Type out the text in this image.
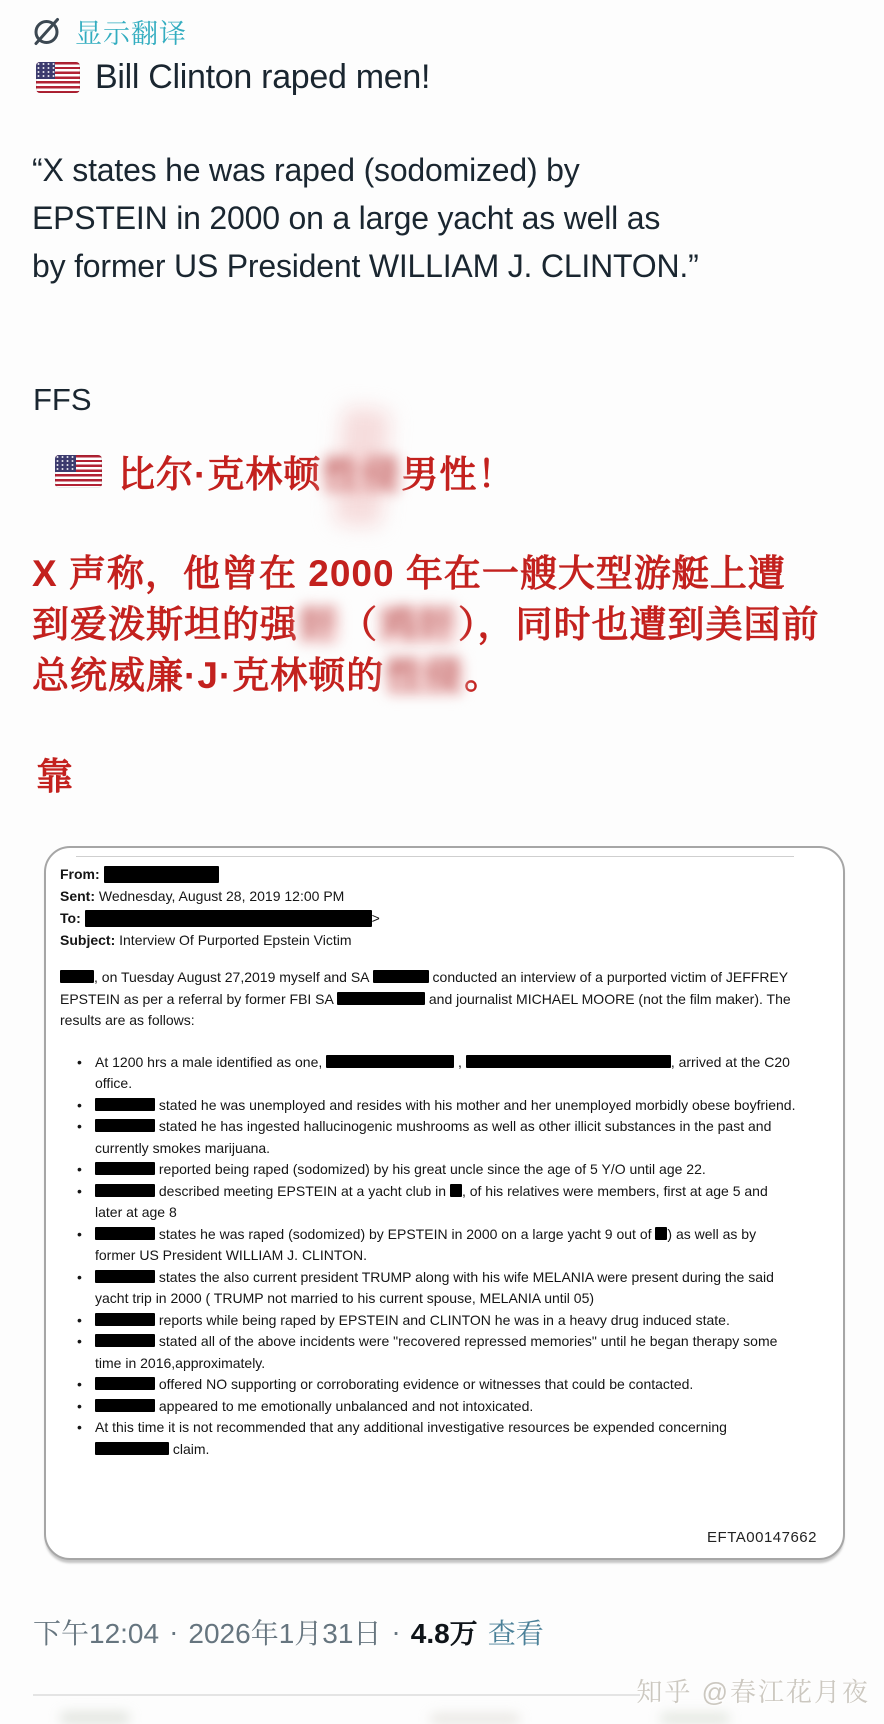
显示翻译
Bill Clinton raped men!
“X states he was raped (sodomized) by
EPSTEIN in 2000 on a large yacht as well as
by former US President WILLIAM J. CLINTON.”
FFS
比尔·克林顿性侵男性！
X 声称，他曾在 2000 年在一艘大型游艇上遭
到爱泼斯坦的强奸（鸡奸），同时也遭到美国前
总统威廉·J·克林顿的性侵。
靠
From:
Sent: Wednesday, August 28, 2019 12:00 PM
To:	>
Subject: Interview Of Purported Epstein Victim
, on Tuesday August 27,2019 myself and SA	conducted an interview of a purported victim of JEFFREY EPSTEIN as per a referral by former FBI SA	and journalist MICHAEL MOORE (not the film maker). The results are as follows:
• At 1200 hrs a male identified as one,	,	, arrived at the C20 office.
•	stated he was unemployed and resides with his mother and her unemployed morbidly obese boyfriend.
•	stated he has ingested hallucinogenic mushrooms as well as other illicit substances in the past and currently smokes marijuana.
•	reported being raped (sodomized) by his great uncle since the age of 5 Y/O until age 22.
•	described meeting EPSTEIN at a yacht club in , of his relatives were members, first at age 5 and later at age 8
•	states he was raped (sodomized) by EPSTEIN in 2000 on a large yacht 9 out of ) as well as by former US President WILLIAM J. CLINTON.
•	states the also current president TRUMP along with his wife MELANIA were present during the said yacht trip in 2000 ( TRUMP not married to his current spouse, MELANIA until 05)
•	reports while being raped by EPSTEIN and CLINTON he was in a heavy drug induced state.
•	stated all of the above incidents were "recovered repressed memories" until he began therapy some time in 2016,approximately.
•	offered NO supporting or corroborating evidence or witnesses that could be contacted.
•	appeared to me emotionally unbalanced and not intoxicated.
• At this time it is not recommended that any additional investigative resources be expended concerning
claim.
EFTA00147662
下午12:04 · 2026年1月31日 · 4.8万 查看
知乎 @春江花月夜
